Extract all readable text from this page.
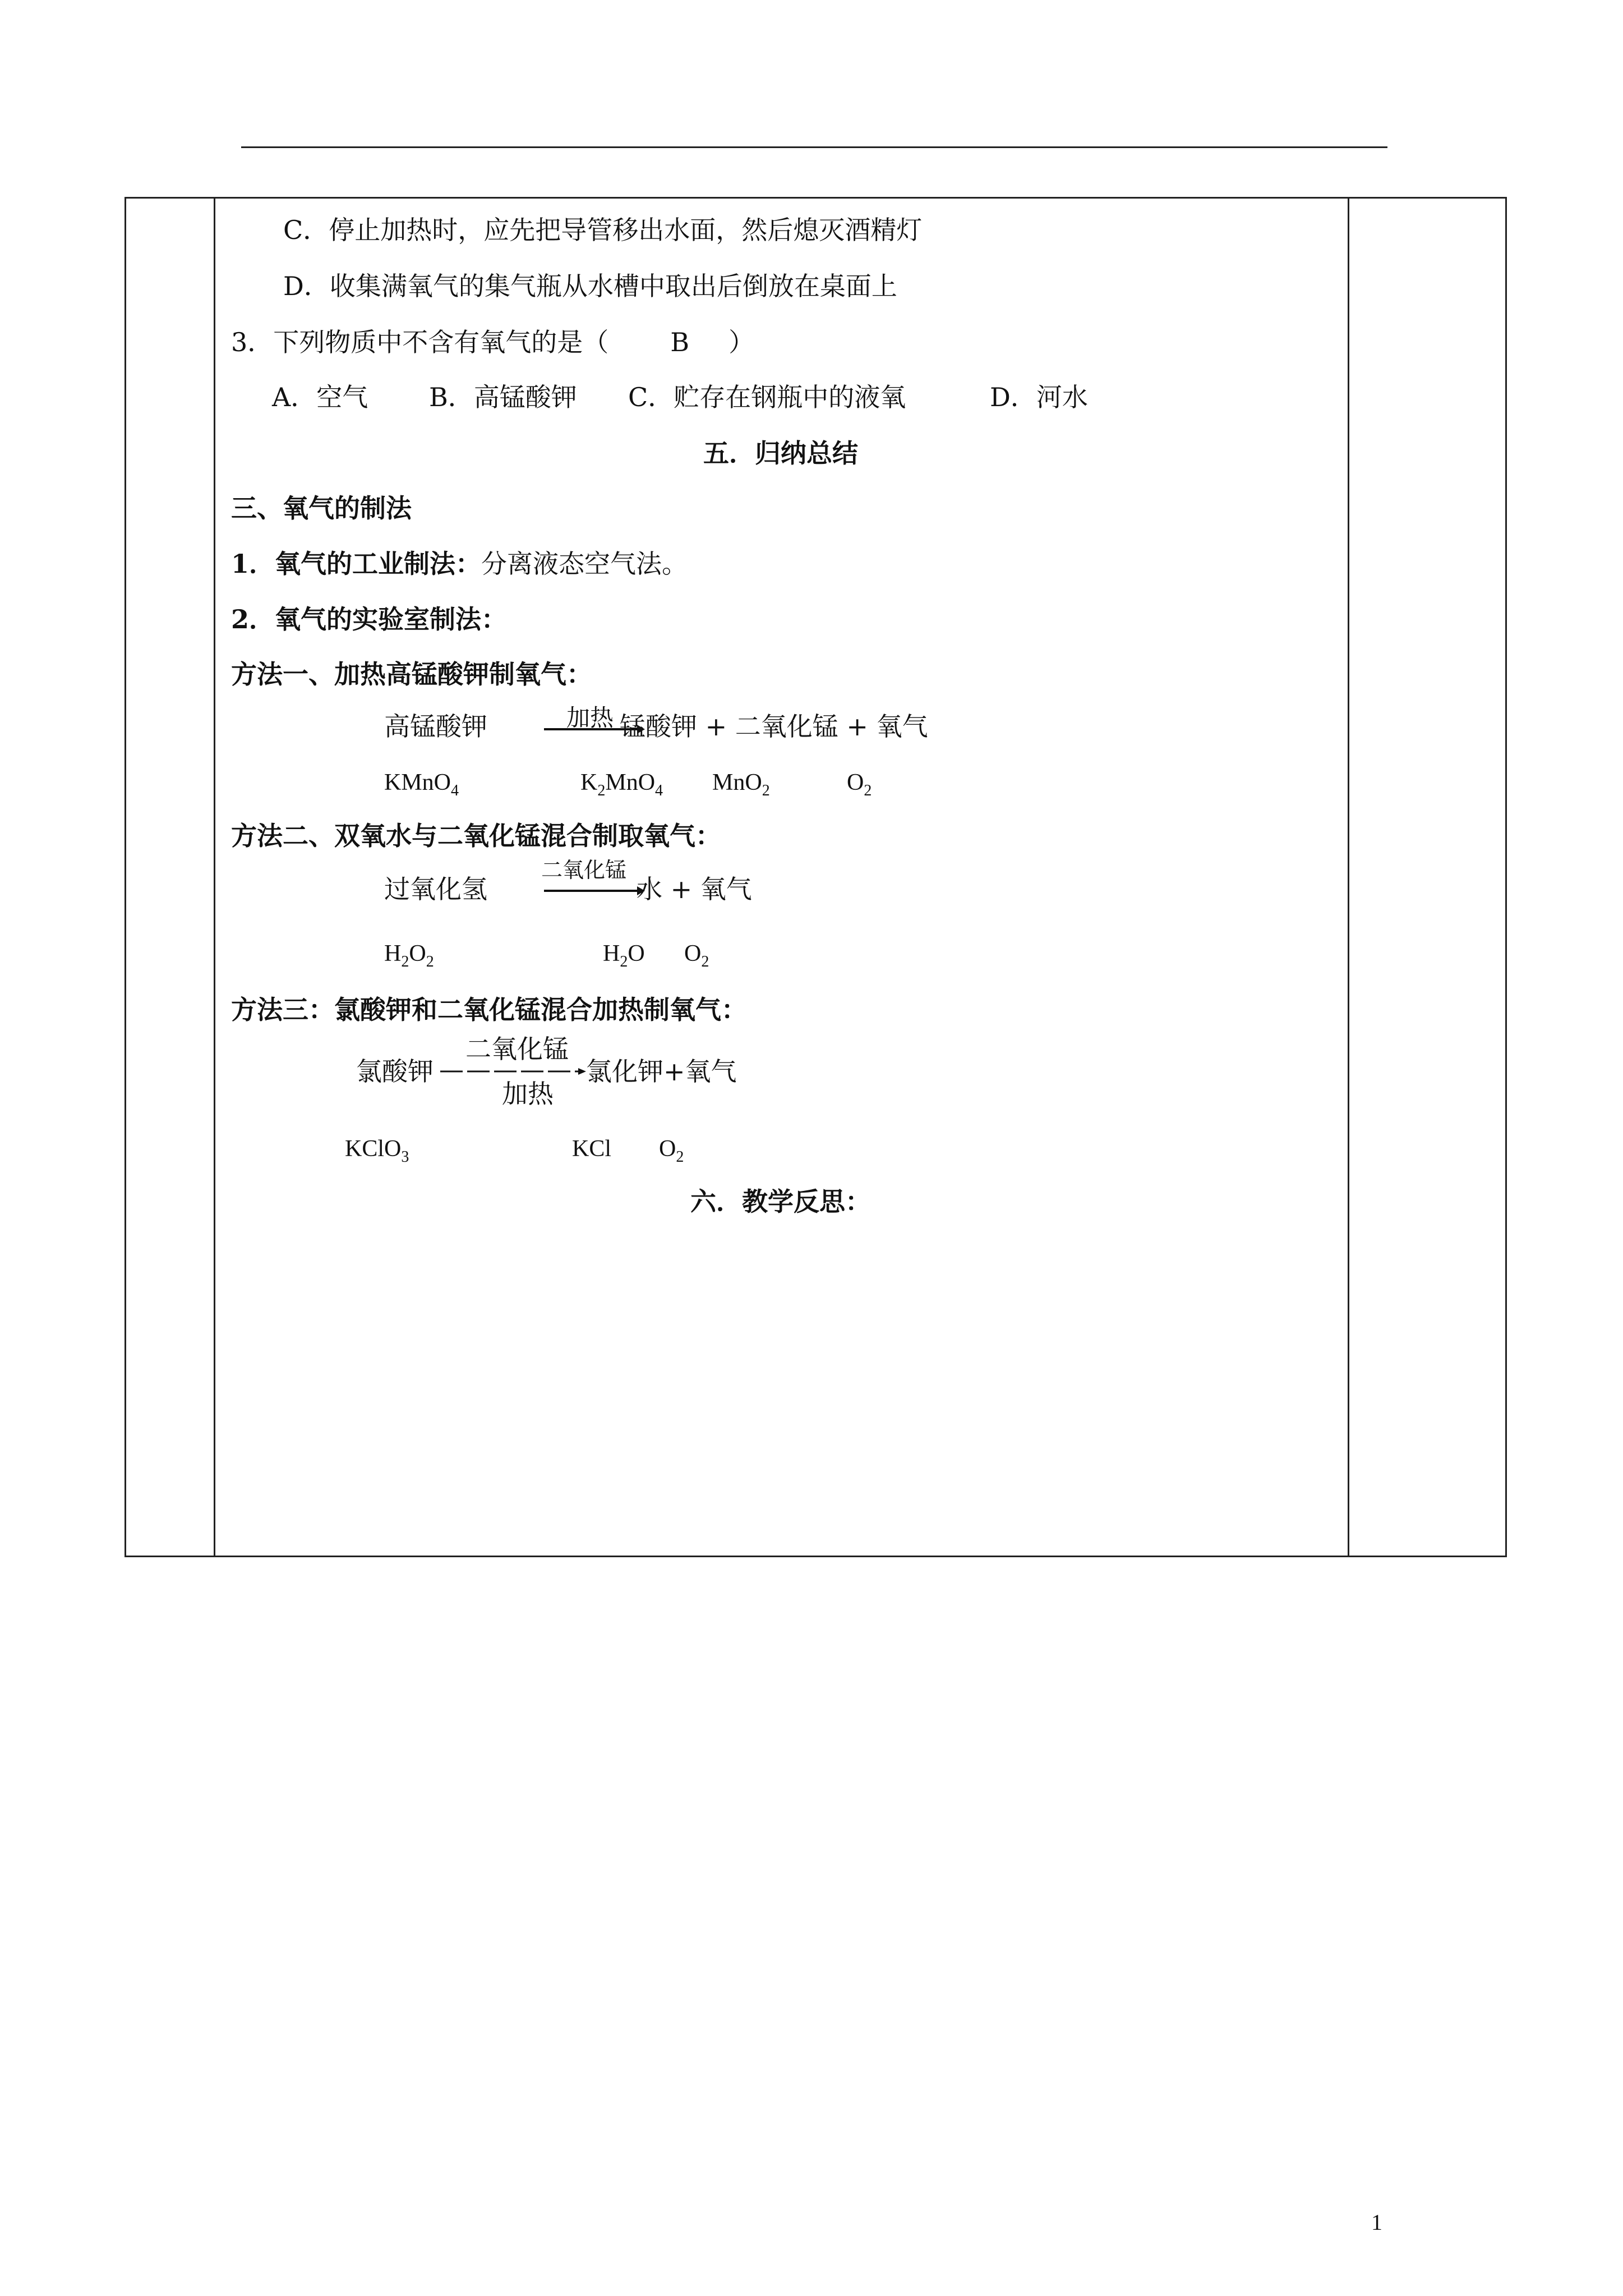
C．停止加热时，应先把导管移出水面，然后熄灭酒精灯
D．收集满氧气的集气瓶从水槽中取出后倒放在桌面上
3．下列物质中不含有氧气的是（ B ）
A．空气 B．高锰酸钾 C．贮存在钢瓶中的液氧	D．河水
五．归纳总结
三、氧气的制法
1．氧气的工业制法：分离液态空气法。
2．氧气的实验室制法：
方法一、加热高锰酸钾制氧气：
高锰酸钾	加热 锰酸钾 + 二氧化锰 + 氧气
KMnO$_4$	$K_2MnO_4$ MnO$_2$	$O_2$
方法二、双氧水与二氧化锰混合制取氧气：
过氧化氢
二氧化锰
水 + 氧气
$H_2O_2$	$H_2O$ $O_2$
方法三：氯酸钾和二氧化锰混合加热制氧气：
氯酸钾
二氧化锰
加热
氯化钾+氧气
KClO$_3$	KCl $O_2$
六．教学反思：
1
